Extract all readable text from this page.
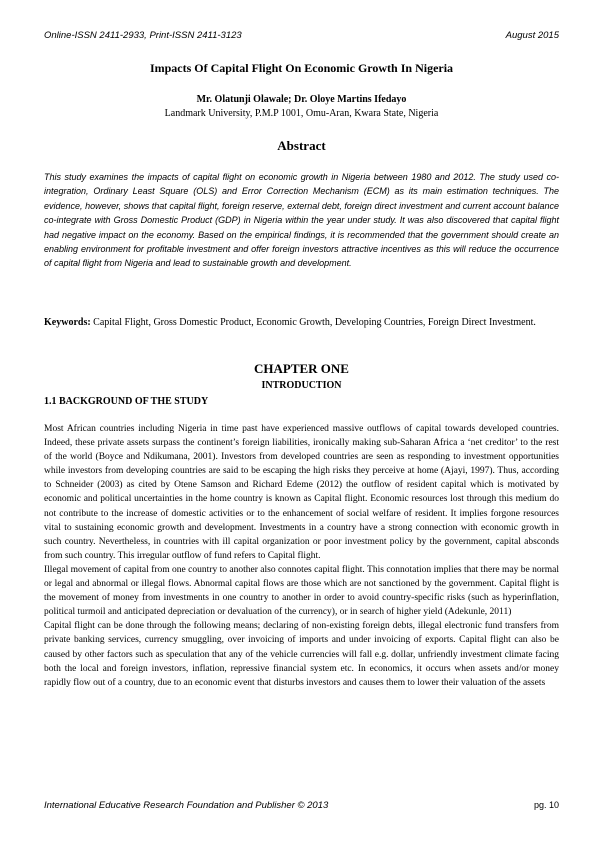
Online-ISSN 2411-2933, Print-ISSN 2411-3123	August 2015
Impacts Of Capital Flight On Economic Growth In Nigeria
Mr. Olatunji Olawale; Dr. Oloye Martins Ifedayo
Landmark University, P.M.P 1001, Omu-Aran, Kwara State, Nigeria
Abstract

This study examines the impacts of capital flight on economic growth in Nigeria between 1980 and 2012. The study used co-integration, Ordinary Least Square (OLS) and Error Correction Mechanism (ECM) as its main estimation techniques. The evidence, however, shows that capital flight, foreign reserve, external debt, foreign direct investment and current account balance co-integrate with Gross Domestic Product (GDP) in Nigeria within the year under study. It was also discovered that capital flight had negative impact on the economy. Based on the empirical findings, it is recommended that the government should create an enabling environment for profitable investment and offer foreign investors attractive incentives as this will reduce the occurrence of capital flight from Nigeria and lead to sustainable growth and development.

Keywords: Capital Flight, Gross Domestic Product, Economic Growth, Developing Countries, Foreign Direct Investment.

CHAPTER ONE
INTRODUCTION
1.1 BACKGROUND OF THE STUDY

Most African countries including Nigeria in time past have experienced massive outflows of capital towards developed countries. Indeed, these private assets surpass the continent’s foreign liabilities, ironically making sub-Saharan Africa a ‘net creditor’ to the rest of the world (Boyce and Ndikumana, 2001). Investors from developed countries are seen as responding to investment opportunities while investors from developing countries are said to be escaping the high risks they perceive at home (Ajayi, 1997). Thus, according to Schneider (2003) as cited by Otene Samson and Richard Edeme (2012) the outflow of resident capital which is motivated by economic and political uncertainties in the home country is known as Capital flight. Economic resources lost through this medium do not contribute to the increase of domestic activities or to the enhancement of social welfare of resident. It implies forgone resources vital to sustaining economic growth and development. Investments in a country have a strong connection with economic growth in such country. Nevertheless, in countries with ill capital organization or poor investment policy by the government, capital absconds from such country. This irregular outflow of fund refers to Capital flight.

Illegal movement of capital from one country to another also connotes capital flight. This connotation implies that there may be normal or legal and abnormal or illegal flows. Abnormal capital flows are those which are not sanctioned by the government. Capital flight is the movement of money from investments in one country to another in order to avoid country-specific risks (such as hyperinflation, political turmoil and anticipated depreciation or devaluation of the currency), or in search of higher yield (Adekunle, 2011)

Capital flight can be done through the following means; declaring of non-existing foreign debts, illegal electronic fund transfers from private banking services, currency smuggling, over invoicing of imports and under invoicing of exports. Capital flight can also be caused by other factors such as speculation that any of the vehicle currencies will fall e.g. dollar, unfriendly investment climate facing both the local and foreign investors, inflation, repressive financial system etc. In economics, it occurs when assets and/or money rapidly flow out of a country, due to an economic event that disturbs investors and causes them to lower their valuation of the assets

International Educative Research Foundation and Publisher © 2013	pg. 10
